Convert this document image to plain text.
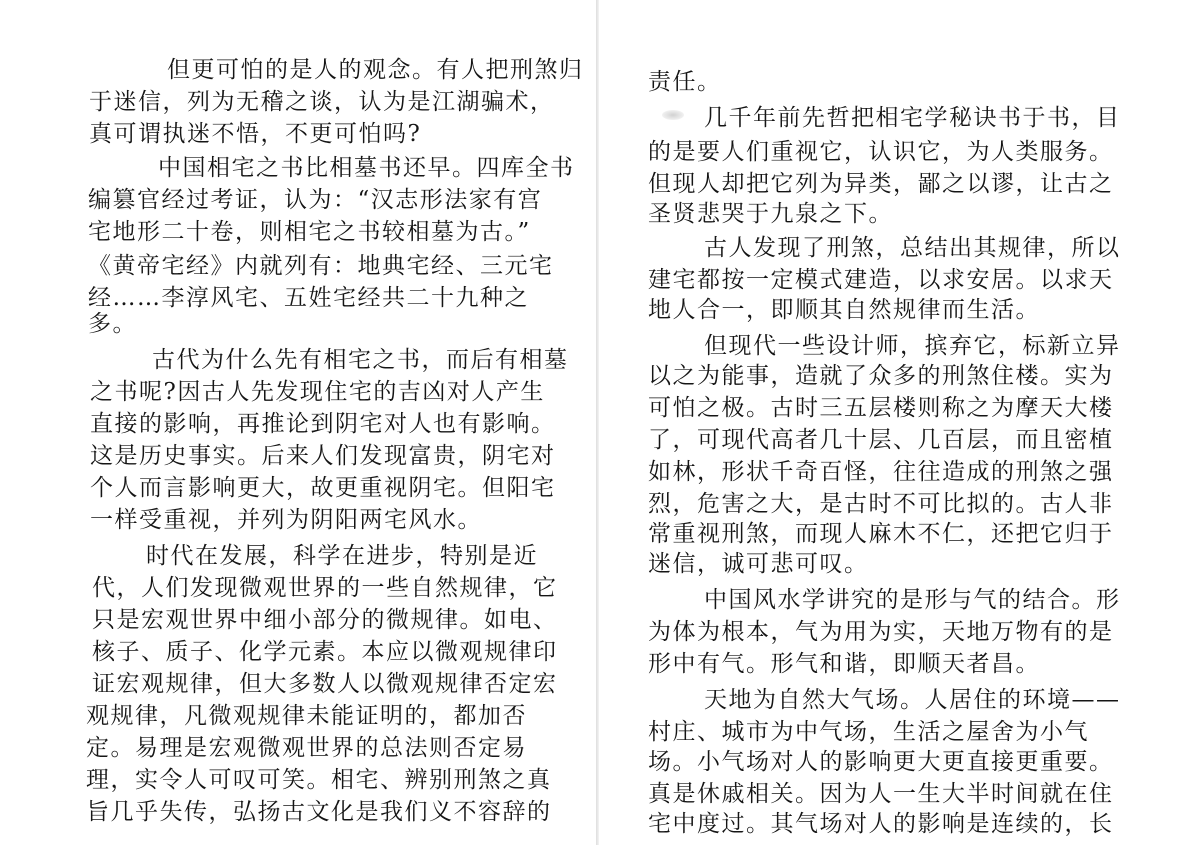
但更可怕的是人的观念。有人把刑煞归
于迷信，列为无稽之谈，认为是江湖骗术，
真可谓执迷不悟，不更可怕吗?
中国相宅之书比相墓书还早。四库全书
编篡官经过考证，认为：“汉志形法家有宫
宅地形二十卷，则相宅之书较相墓为古。”
《黄帝宅经》内就列有：地典宅经、三元宅
经……李淳风宅、五姓宅经共二十九种之
多。
古代为什么先有相宅之书，而后有相墓
之书呢?因古人先发现住宅的吉凶对人产生
直接的影响，再推论到阴宅对人也有影响。
这是历史事实。后来人们发现富贵，阴宅对
个人而言影响更大，故更重视阴宅。但阳宅
一样受重视，并列为阴阳两宅风水。
时代在发展，科学在进步，特别是近
代，人们发现微观世界的一些自然规律，它
只是宏观世界中细小部分的微规律。如电、
核子、质子、化学元素。本应以微观规律印
证宏观规律，但大多数人以微观规律否定宏
观规律，凡微观规律未能证明的，都加否
定。易理是宏观微观世界的总法则否定易
理，实令人可叹可笑。相宅、辨别刑煞之真
旨几乎失传，弘扬古文化是我们义不容辞的
责任。
几千年前先哲把相宅学秘诀书于书，目
的是要人们重视它，认识它，为人类服务。
但现人却把它列为异类，鄙之以谬，让古之
圣贤悲哭于九泉之下。
古人发现了刑煞，总结出其规律，所以
建宅都按一定模式建造，以求安居。以求天
地人合一，即顺其自然规律而生活。
但现代一些设计师，摈弃它，标新立异
以之为能事，造就了众多的刑煞住楼。实为
可怕之极。古时三五层楼则称之为摩天大楼
了，可现代高者几十层、几百层，而且密植
如林，形状千奇百怪，往往造成的刑煞之强
烈，危害之大，是古时不可比拟的。古人非
常重视刑煞，而现人麻木不仁，还把它归于
迷信，诚可悲可叹。
中国风水学讲究的是形与气的结合。形
为体为根本，气为用为实，天地万物有的是
形中有气。形气和谐，即顺天者昌。
天地为自然大气场。人居住的环境——
村庄、城市为中气场，生活之屋舍为小气
场。小气场对人的影响更大更直接更重要。
真是休戚相关。因为人一生大半时间就在住
宅中度过。其气场对人的影响是连续的，长
